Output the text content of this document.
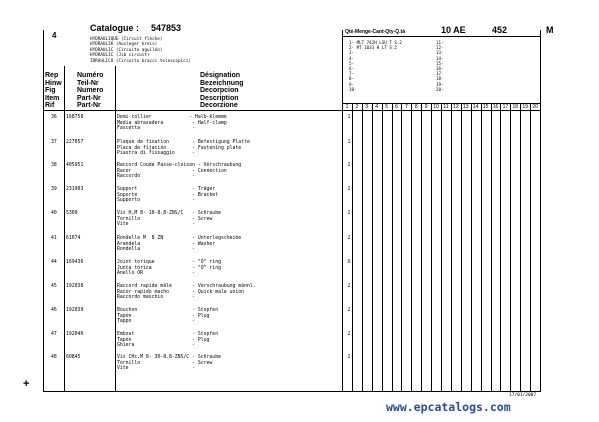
4
Catalogue : 547853
HYDRAULIQUE (Circuit flèche)
HYDRAULIK (Ausleger kreis)
HYDRAULIC (Circuito aguilón)
HYDRAULIC (Jib circuit)
IDRAULICO (Circuito bracci telescopici)
Qté-Menge-Cant-Qty-Q.tà	10 AE	452	M
1- MLT 742H LSU T S.2
2- MT 1033 H LT S.2
3-
4-
5-
6-
7-
8-
9-
10-
11-
12-
13-
14-
15-
16-
17-
18-
19-
20-
1	2	3	4	5	6	7	8	9	10 11 12 13 14 15 16 17 18 19 20
Rep
Hinw
Fig
Item
Rif
Numéro
Teil-Nr
Numero
Part-Nr
Part-Nr
Désignation
Bezeichnung
Decorpcion
Description
Decorzione
36	168758	Demi-collier             - Halb-klemme
Media abrazadera          - Half-clamp
Fascetta                  -
1
37	227057	Plaque de fixation        - Befestigung Platte
Placa de fijación         - Fastening plate
Piastra di fissaggio      -
1
38	405951	Raccord Coudé Passe-cloison - Verschraubung
Racor                     - Connection
Raccordo                  -
2
39	231903	Support                   - Träger
Soporte                   - Bracket
Supporto                  -
2
40	5309	Vis H,M 8- 10-8.8-ZNS/C   - Schraube
Tornillo                  - Screw
Vite                      -
2
41	61674	Rondelle M  8 ZN          - Unterlegscheibe
Arandela                  - Washer
Rondella                  -
2
44	169436	Joint torique             - "O" ring
Junta tórica              - "O" ring
Anello OR                 -
X
45	192038	Raccord rapide mâle       - Verschraubung männl.
Racor rapido macho        - Quick male union
Raccordo maschio          -
2
46	192039	Bouchon                   - Stopfen
Tapón                     - Plug
Tappo                     -
2
47	192040	Embout                    - Stopfen
Tapón                     - Plug
Ghiera                    -
2
48	60845	Vis CHc,M 8- 30-8.8-ZNS/C - Schraube
Tornillo                  - Screw
Vite                      -
2
17/01/2007
+
www.epcatalogs.com
